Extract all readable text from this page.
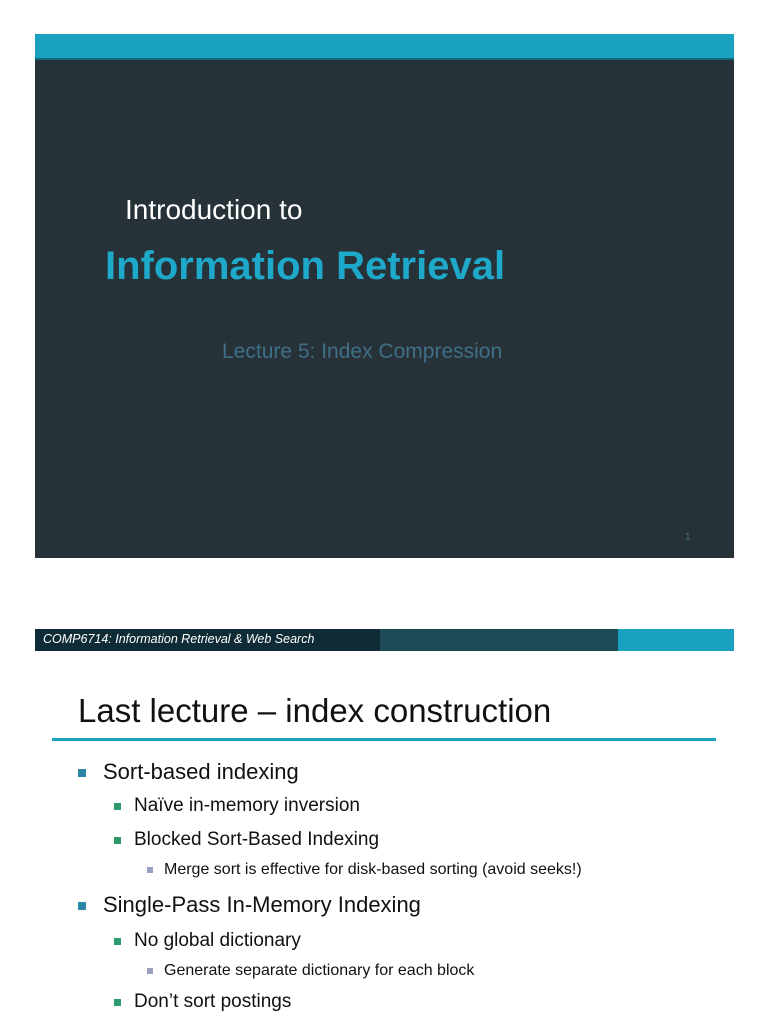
Introduction to
Information Retrieval
Lecture 5: Index Compression
1
COMP6714: Information Retrieval & Web Search
Last lecture – index construction
Sort-based indexing
Naïve in-memory inversion
Blocked Sort-Based Indexing
Merge sort is effective for disk-based sorting (avoid seeks!)
Single-Pass In-Memory Indexing
No global dictionary
Generate separate dictionary for each block
Don’t sort postings
